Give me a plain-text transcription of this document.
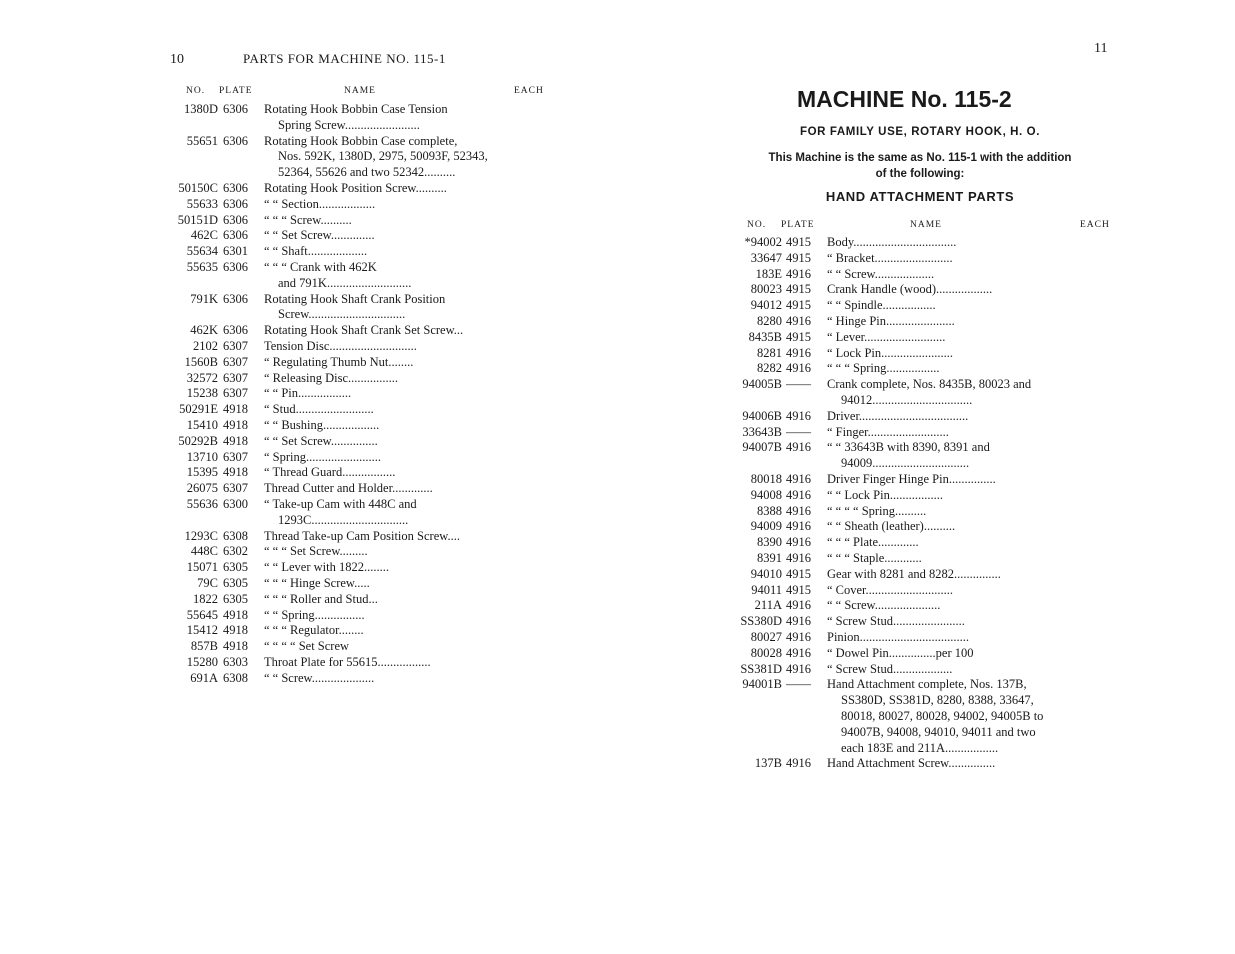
10	PARTS FOR MACHINE NO. 115-1
NO. PLATE	NAME	EACH
1380D 6306 Rotating Hook Bobbin Case Tension
Spring Screw........................
55651 6306 Rotating Hook Bobbin Case complete,
Nos. 592K, 1380D, 2975, 50093F, 52343,
52364, 55626 and two 52342..........
50150C 6306 Rotating Hook Position Screw..........
55633 6306 “ “ Section..................
50151D 6306 “ “ “ Screw..........
462C 6306 “ “ Set Screw..............
55634 6301 “ “ Shaft...................
55635 6306 “ “ “ Crank with 462K
and 791K...........................
791K 6306 Rotating Hook Shaft Crank Position
Screw...............................
462K 6306 Rotating Hook Shaft Crank Set Screw...
2102 6307 Tension Disc............................
1560B 6307 “ Regulating Thumb Nut........
32572 6307 “ Releasing Disc................
15238 6307 “ “ Pin.................
50291E 4918 “ Stud.........................
15410 4918 “ “ Bushing..................
50292B 4918 “ “ Set Screw...............
13710 6307 “ Spring........................
15395 4918 “ Thread Guard.................
26075 6307 Thread Cutter and Holder.............
55636 6300 “ Take-up Cam with 448C and
1293C...............................
1293C 6308 Thread Take-up Cam Position Screw....
448C 6302 “ “ “ Set Screw.........
15071 6305 “ “ Lever with 1822........
79C 6305 “ “ “ Hinge Screw.....
1822 6305 “ “ “ Roller and Stud...
55645 4918 “ “ Spring................
15412 4918 “ “ “ Regulator........
857B 4918 “ “ “ “ Set Screw
15280 6303 Throat Plate for 55615.................
691A 6308 “ “ Screw....................
11
MACHINE No. 115-2
FOR FAMILY USE, ROTARY HOOK, H. O.
This Machine is the same as No. 115-1 with the addition
of the following:
HAND ATTACHMENT PARTS
NO. PLATE	NAME	EACH
*94002 4915 Body.................................
33647 4915 “ Bracket.........................
183E 4916 “ “ Screw...................
80023 4915 Crank Handle (wood)..................
94012 4915 “ “ Spindle.................
8280 4916 “ Hinge Pin......................
8435B 4915 “ Lever..........................
8281 4916 “ Lock Pin.......................
8282 4916 “ “ “ Spring.................
94005B —— Crank complete, Nos. 8435B, 80023 and
94012................................
94006B 4916 Driver...................................
33643B —— “ Finger..........................
94007B 4916 “ “ 33643B with 8390, 8391 and
94009...............................
80018 4916 Driver Finger Hinge Pin...............
94008 4916 “ “ Lock Pin.................
8388 4916 “ “ “ “ Spring..........
94009 4916 “ “ Sheath (leather)..........
8390 4916 “ “ “ Plate.............
8391 4916 “ “ “ Staple............
94010 4915 Gear with 8281 and 8282...............
94011 4915 “ Cover............................
211A 4916 “ “ Screw.....................
SS380D 4916 “ Screw Stud.......................
80027 4916 Pinion...................................
80028 4916 “ Dowel Pin...............per 100
SS381D 4916 “ Screw Stud...................
94001B —— Hand Attachment complete, Nos. 137B,
SS380D, SS381D, 8280, 8388, 33647,
80018, 80027, 80028, 94002, 94005B to
94007B, 94008, 94010, 94011 and two
each 183E and 211A.................
137B 4916 Hand Attachment Screw...............
